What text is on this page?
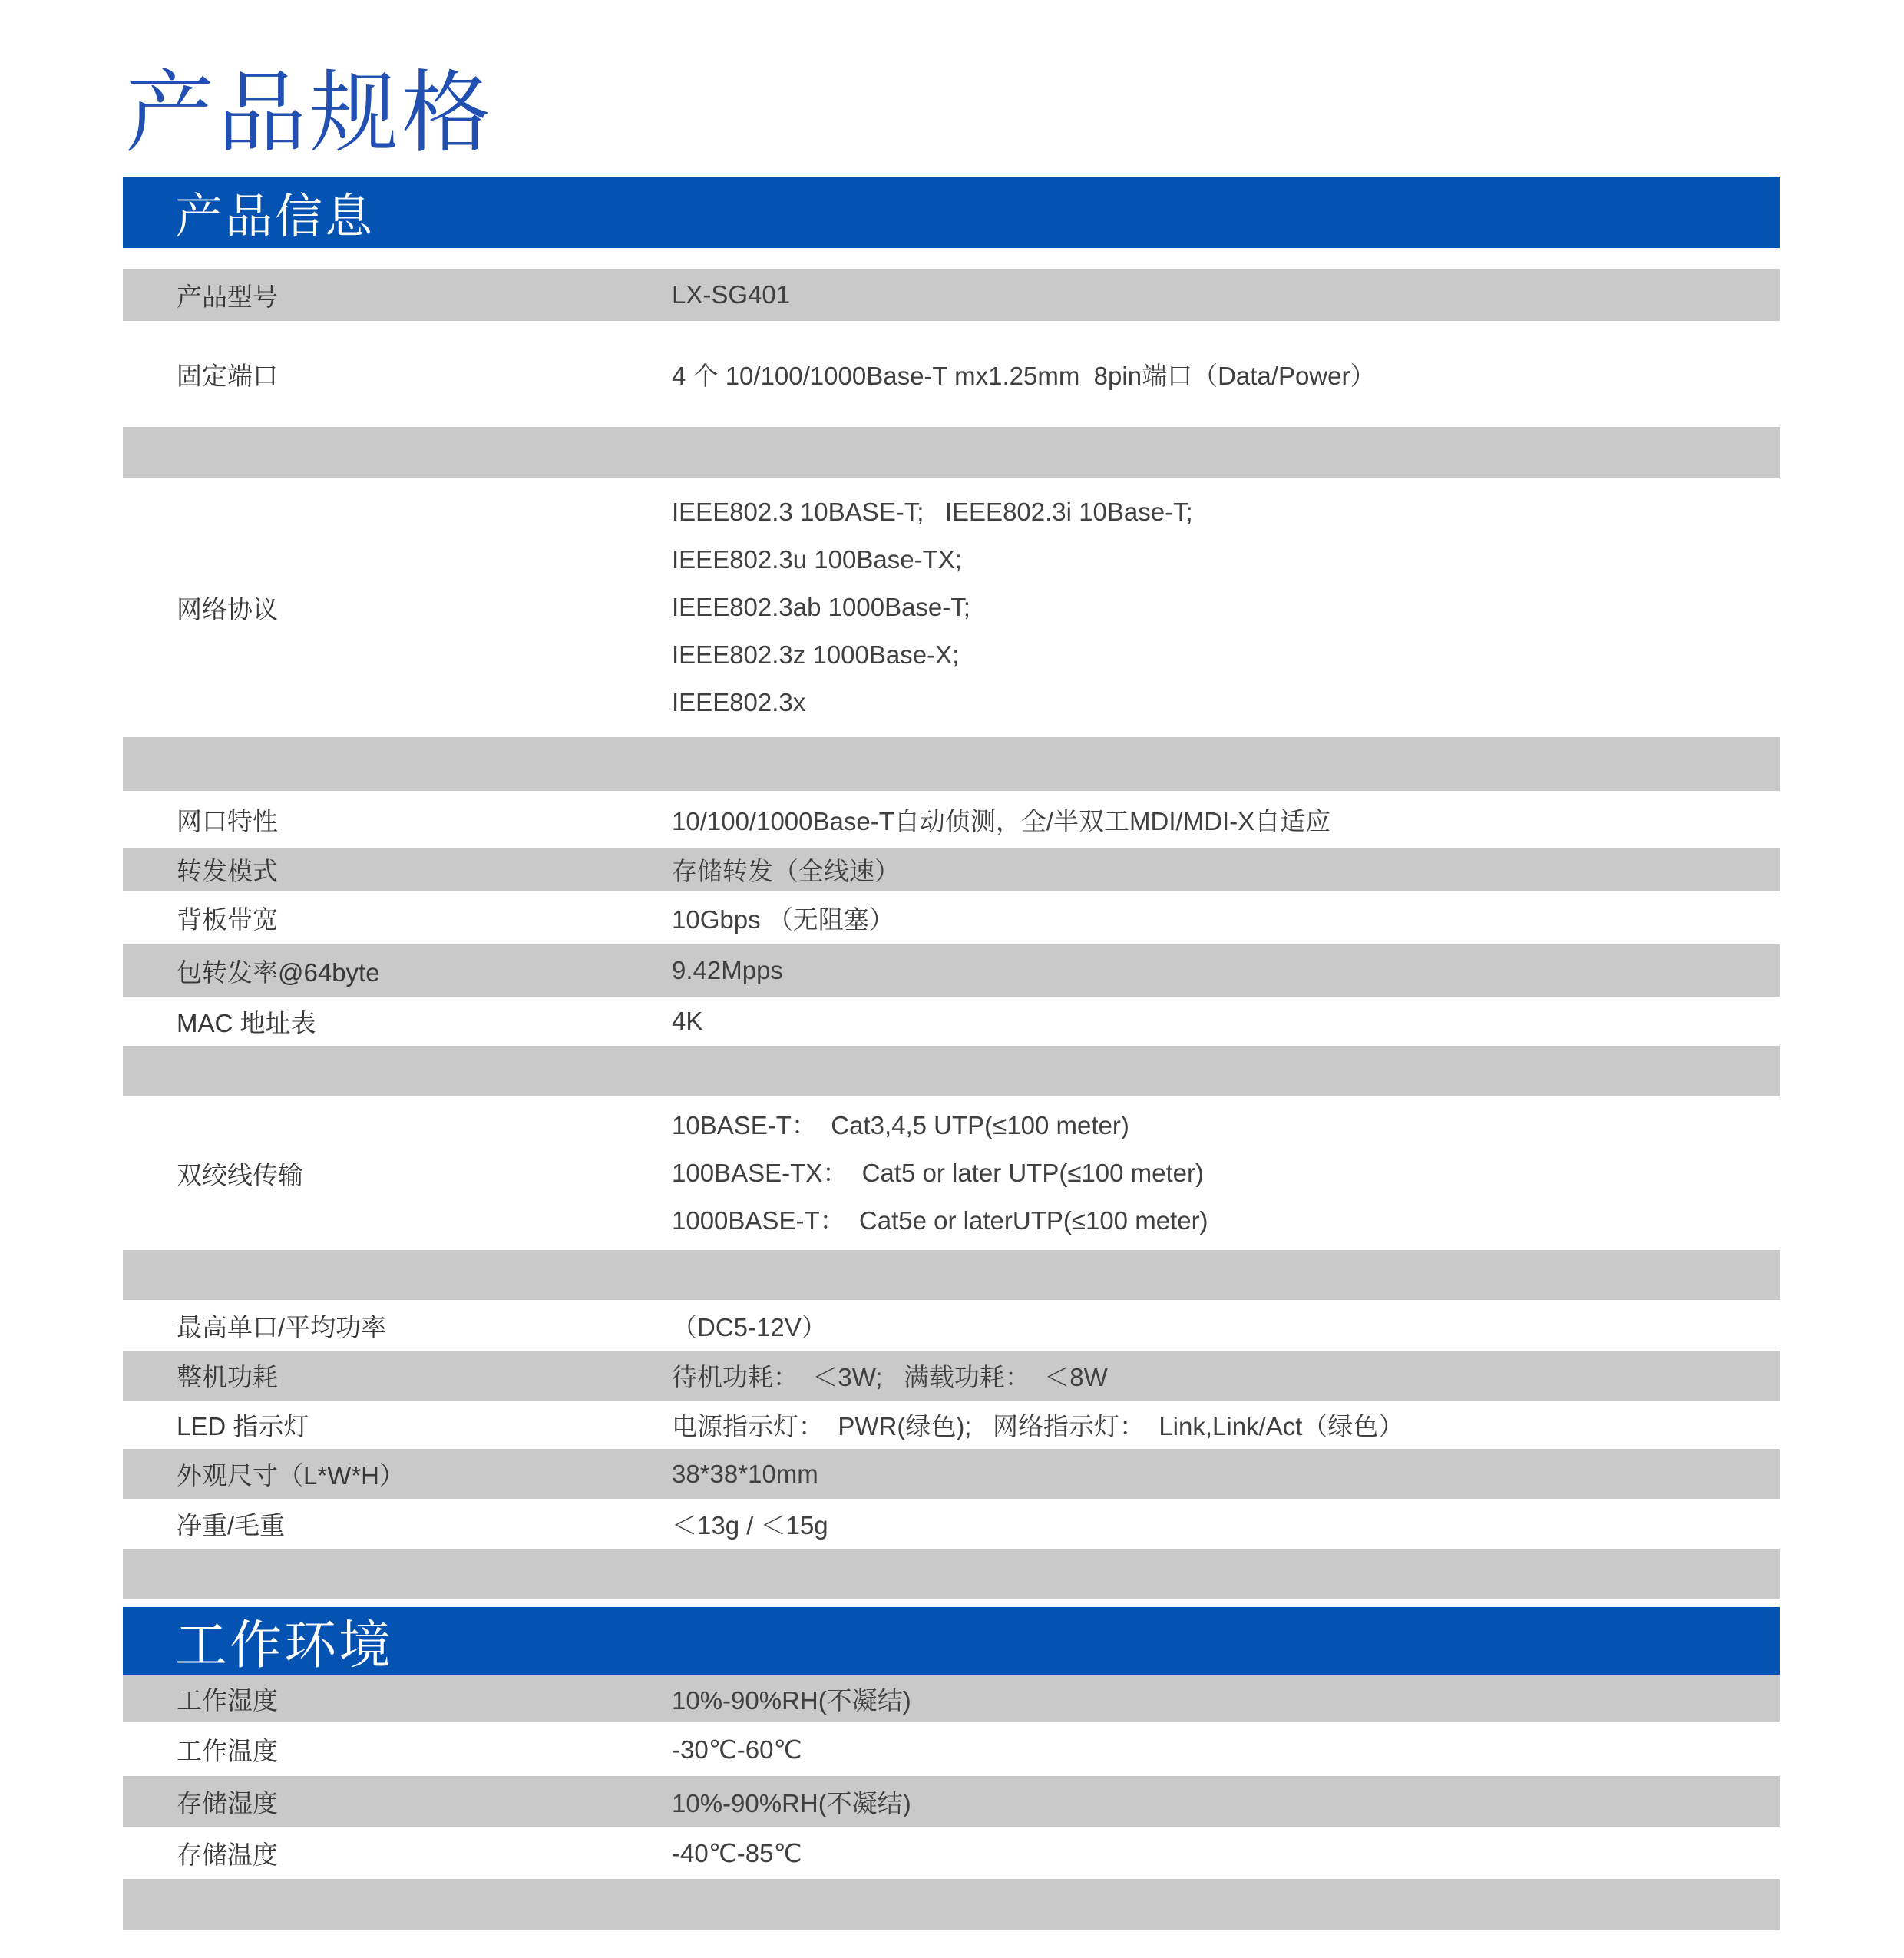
产品规格
产品信息
产品型号	LX-SG401
固定端口	4 个 10/100/1000Base-T mx1.25mm  8pin端口（Data/Power）
网络协议
IEEE802.3 10BASE-T;   IEEE802.3i 10Base-T;
IEEE802.3u 100Base-TX;
IEEE802.3ab 1000Base-T;
IEEE802.3z 1000Base-X;
IEEE802.3x
网口特性	10/100/1000Base-T自动侦测，全/半双工MDI/MDI-X自适应
转发模式	存储转发（全线速）
背板带宽	10Gbps （无阻塞）
包转发率@64byte	9.42Mpps
MAC 地址表	4K
双绞线传输
10BASE-T：  Cat3,4,5 UTP(≤100 meter)
100BASE-TX：  Cat5 or later UTP(≤100 meter)
1000BASE-T：  Cat5e or laterUTP(≤100 meter)
最高单口/平均功率	（DC5-12V）
整机功耗	待机功耗：  ＜3W;   满载功耗：  ＜8W
LED 指示灯	电源指示灯：  PWR(绿色);   网络指示灯：  Link,Link/Act（绿色）
外观尺寸（L*W*H）	38*38*10mm
净重/毛重	＜13g / ＜15g
工作环境
工作湿度	10%-90%RH(不凝结)
工作温度	-30℃-60℃
存储湿度	10%-90%RH(不凝结)
存储温度	-40℃-85℃
